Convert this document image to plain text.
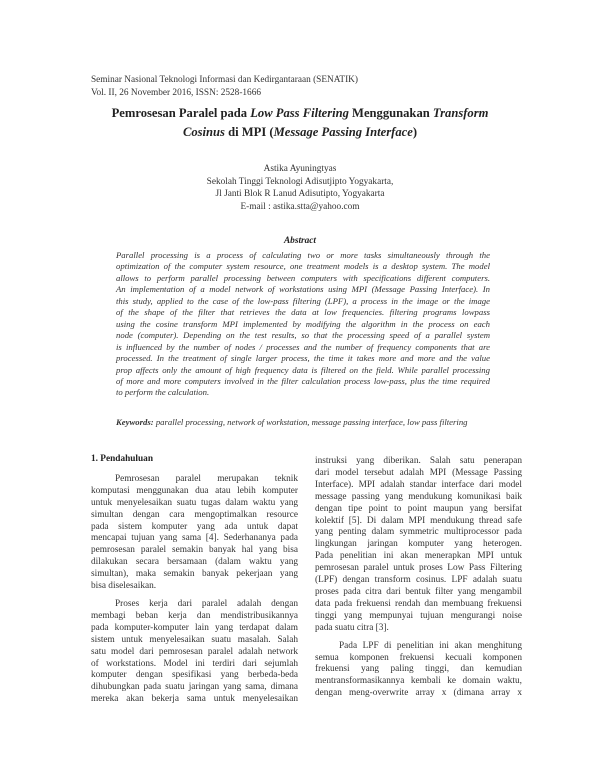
Seminar Nasional Teknologi Informasi dan Kedirgantaraan (SENATIK)
Vol. II, 26 November 2016, ISSN: 2528-1666
Pemrosesan Paralel pada Low Pass Filtering Menggunakan Transform
Cosinus di MPI (Message Passing Interface)
Astika Ayuningtyas
Sekolah Tinggi Teknologi Adisutjipto Yogyakarta,
Jl Janti Blok R Lanud Adisutipto, Yogyakarta
E-mail : astika.stta@yahoo.com
Abstract
Parallel processing is a process of calculating two or more tasks simultaneously through the
optimization of the computer system resource, one treatment models is a desktop system. The model
allows to perform parallel processing between computers with specifications different computers.
An implementation of a model network of workstations using MPI (Message Passing Interface). In
this study, applied to the case of the low-pass filtering (LPF), a process in the image or the image
of the shape of the filter that retrieves the data at low frequencies. filtering programs lowpass
using the cosine transform MPI implemented by modifying the algorithm in the process on each
node (computer). Depending on the test results, so that the processing speed of a parallel system
is influenced by the number of nodes / processes and the number of frequency components that are
processed. In the treatment of single larger process, the time it takes more and more and the value
prop affects only the amount of high frequency data is filtered on the field. While parallel processing
of more and more computers involved in the filter calculation process low-pass, plus the time required
to perform the calculation.
Keywords: parallel processing, network of workstation, message passing interface, low pass filtering
1. Pendahuluan
Pemrosesan paralel merupakan teknik
komputasi menggunakan dua atau lebih komputer
untuk menyelesaikan suatu tugas dalam waktu yang
simultan dengan cara mengoptimalkan resource
pada sistem komputer yang ada untuk dapat
mencapai tujuan yang sama [4]. Sederhananya pada
pemrosesan paralel semakin banyak hal yang bisa
dilakukan secara bersamaan (dalam waktu yang
simultan), maka semakin banyak pekerjaan yang
bisa diselesaikan.
Proses kerja dari paralel adalah dengan
membagi beban kerja dan mendistribusikannya
pada komputer-komputer lain yang terdapat dalam
sistem untuk menyelesaikan suatu masalah. Salah
satu model dari pemrosesan paralel adalah network
of workstations. Model ini terdiri dari sejumlah
komputer dengan spesifikasi yang berbeda-beda
dihubungkan pada suatu jaringan yang sama, dimana
mereka akan bekerja sama untuk menyelesaikan
instruksi yang diberikan. Salah satu penerapan
dari model tersebut adalah MPI (Message Passing
Interface). MPI adalah standar interface dari model
message passing yang mendukung komunikasi baik
dengan tipe point to point maupun yang bersifat
kolektif [5]. Di dalam MPI mendukung thread safe
yang penting dalam symmetric multiprocessor pada
lingkungan jaringan komputer yang heterogen.
Pada penelitian ini akan menerapkan MPI untuk
pemrosesan paralel untuk proses Low Pass Filtering
(LPF) dengan transform cosinus. LPF adalah suatu
proses pada citra dari bentuk filter yang mengambil
data pada frekuensi rendah dan membuang frekuensi
tinggi yang mempunyai tujuan mengurangi noise
pada suatu citra [3].
Pada LPF di penelitian ini akan menghitung
semua komponen frekuensi kecuali komponen
frekuensi yang paling tinggi, dan kemudian
mentransformasikannya kembali ke domain waktu,
dengan meng-overwrite array x (dimana array x
